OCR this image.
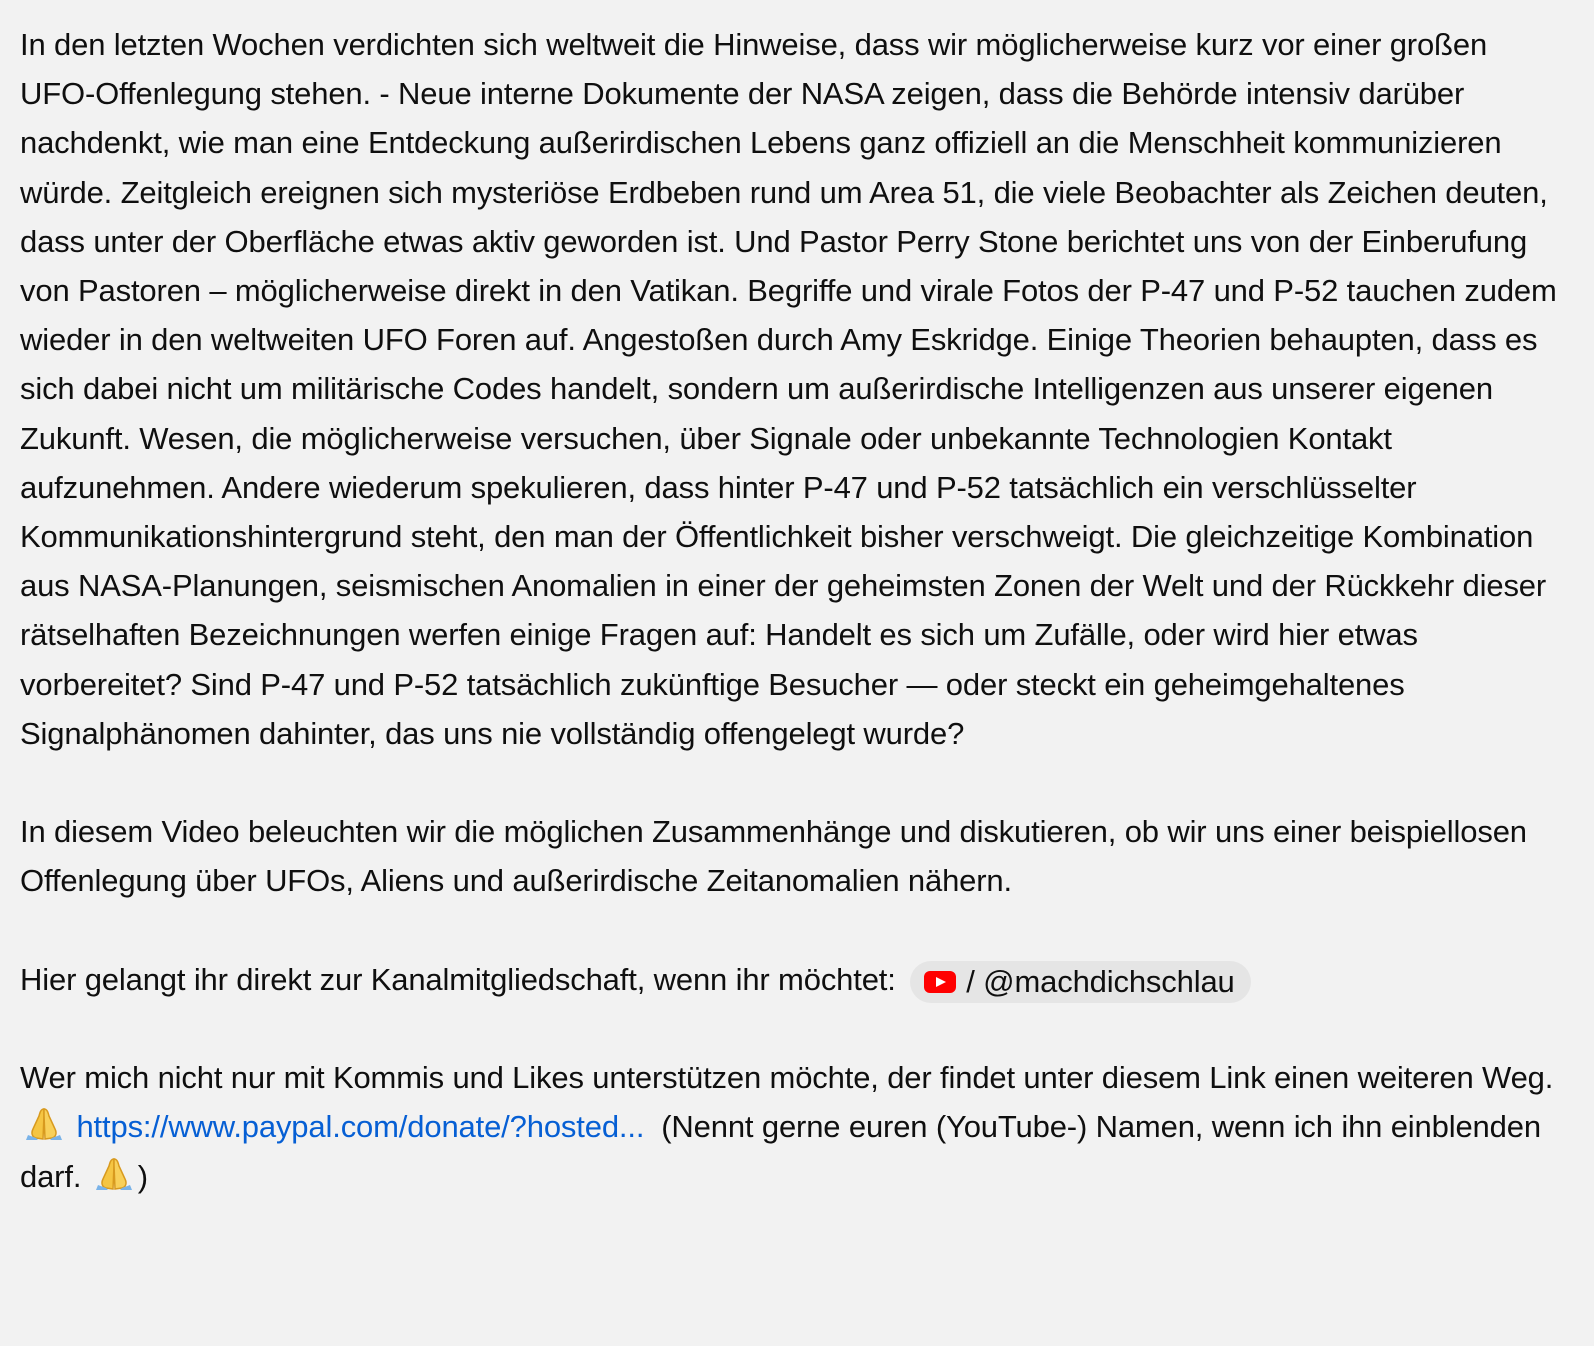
In den letzten Wochen verdichten sich weltweit die Hinweise, dass wir möglicherweise kurz vor einer großen UFO-Offenlegung stehen. - Neue interne Dokumente der NASA zeigen, dass die Behörde intensiv darüber nachdenkt, wie man eine Entdeckung außerirdischen Lebens ganz offiziell an die Menschheit kommunizieren würde. Zeitgleich ereignen sich mysteriöse Erdbeben rund um Area 51, die viele Beobachter als Zeichen deuten, dass unter der Oberfläche etwas aktiv geworden ist. Und Pastor Perry Stone berichtet uns von der Einberufung von Pastoren – möglicherweise direkt in den Vatikan. Begriffe und virale Fotos der P-47 und P-52 tauchen zudem wieder in den weltweiten UFO Foren auf. Angestoßen durch Amy Eskridge. Einige Theorien behaupten, dass es sich dabei nicht um militärische Codes handelt, sondern um außerirdische Intelligenzen aus unserer eigenen Zukunft. Wesen, die möglicherweise versuchen, über Signale oder unbekannte Technologien Kontakt aufzunehmen. Andere wiederum spekulieren, dass hinter P-47 und P-52 tatsächlich ein verschlüsselter Kommunikationshintergrund steht, den man der Öffentlichkeit bisher verschweigt. Die gleichzeitige Kombination aus NASA-Planungen, seismischen Anomalien in einer der geheimsten Zonen der Welt und der Rückkehr dieser rätselhaften Bezeichnungen werfen einige Fragen auf: Handelt es sich um Zufälle, oder wird hier etwas vorbereitet? Sind P-47 und P-52 tatsächlich zukünftige Besucher — oder steckt ein geheimgehaltenes Signalphänomen dahinter, das uns nie vollständig offengelegt wurde?

In diesem Video beleuchten wir die möglichen Zusammenhänge und diskutieren, ob wir uns einer beispiellosen Offenlegung über UFOs, Aliens und außerirdische Zeitanomalien nähern.

Hier gelangt ihr direkt zur Kanalmitgliedschaft, wenn ihr möchtet: / @machdichschlau

Wer mich nicht nur mit Kommis und Likes unterstützen möchte, der findet unter diesem Link einen weiteren Weg.  https://www.paypal.com/donate/?hosted... (Nennt gerne euren (YouTube-) Namen, wenn ich ihn einblenden darf. )
